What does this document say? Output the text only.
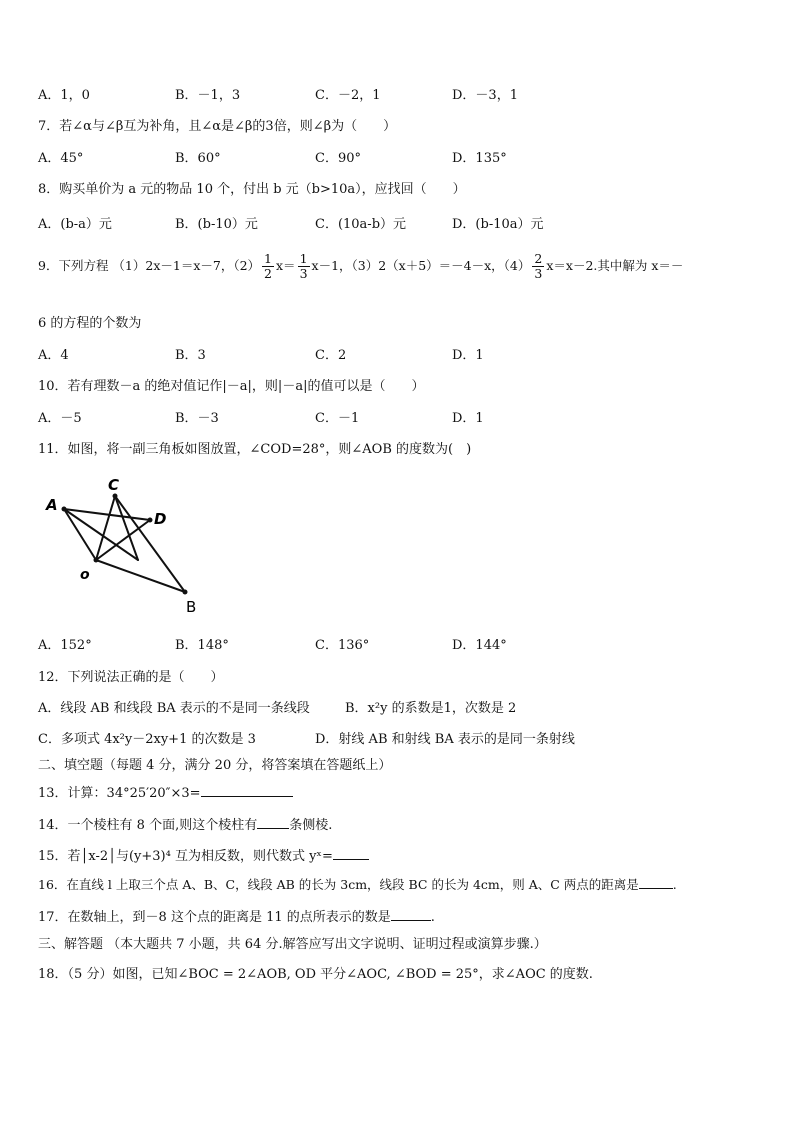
A．1，0	B．－1，3	C．－2，1	D．－3，1
7．若∠α与∠β互为补角，且∠α是∠β的3倍，则∠β为（　　）
A．45°	B．60°	C．90°	D．135°
8．购买单价为 a 元的物品 10 个，付出 b 元（b>10a），应找回（　　）
A．(b-a）元	B．(b-10）元	C．(10a-b）元	D．(b-10a）元
9．下列方程 （1）2x－1＝x－7，$(2) \frac{1}{2} x= \frac{1}{3} x-1$，（3）2（x＋5）＝－4－x，$(4) \frac{2}{3} x=x-2$.其中解为 x＝－
6 的方程的个数为
A．4	B．3	C．2	D．1
10．若有理数－a 的绝对值记作|－a|，则|－a|的值可以是（　　）
A．－5	B．－3	C．－1	D．1
11．如图，将一副三角板如图放置，∠COD=28°，则∠AOB 的度数为(　)
A
C
D
o
B
A．152°	B．148°	C．136°	D．144°
12．下列说法正确的是（　　）
A．线段 AB 和线段 BA 表示的不是同一条线段	B．x²y 的系数是1，次数是 2
C．多项式 4x²y－2xy+1 的次数是 3	D．射线 AB 和射线 BA 表示的是同一条射线
二、填空题（每题 4 分，满分 20 分，将答案填在答题纸上）
13．计算：34°25′20″×3=
14．一个棱柱有 8 个面,则这个棱柱有 条侧棱.
15．若│x-2│与(y+3)⁴ 互为相反数，则代数式 yˣ=
16．在直线 l 上取三个点 A、B、C，线段 AB 的长为 3cm，线段 BC 的长为 4cm，则 A、C 两点的距离是	.
17．在数轴上，到－8 这个点的距离是 11 的点所表示的数是	.
三、解答题 （本大题共 7 小题，共 64 分.解答应写出文字说明、证明过程或演算步骤.）
18．（5 分）如图，已知∠BOC = 2∠AOB, OD 平分∠AOC, ∠BOD = 25°，求∠AOC 的度数.
